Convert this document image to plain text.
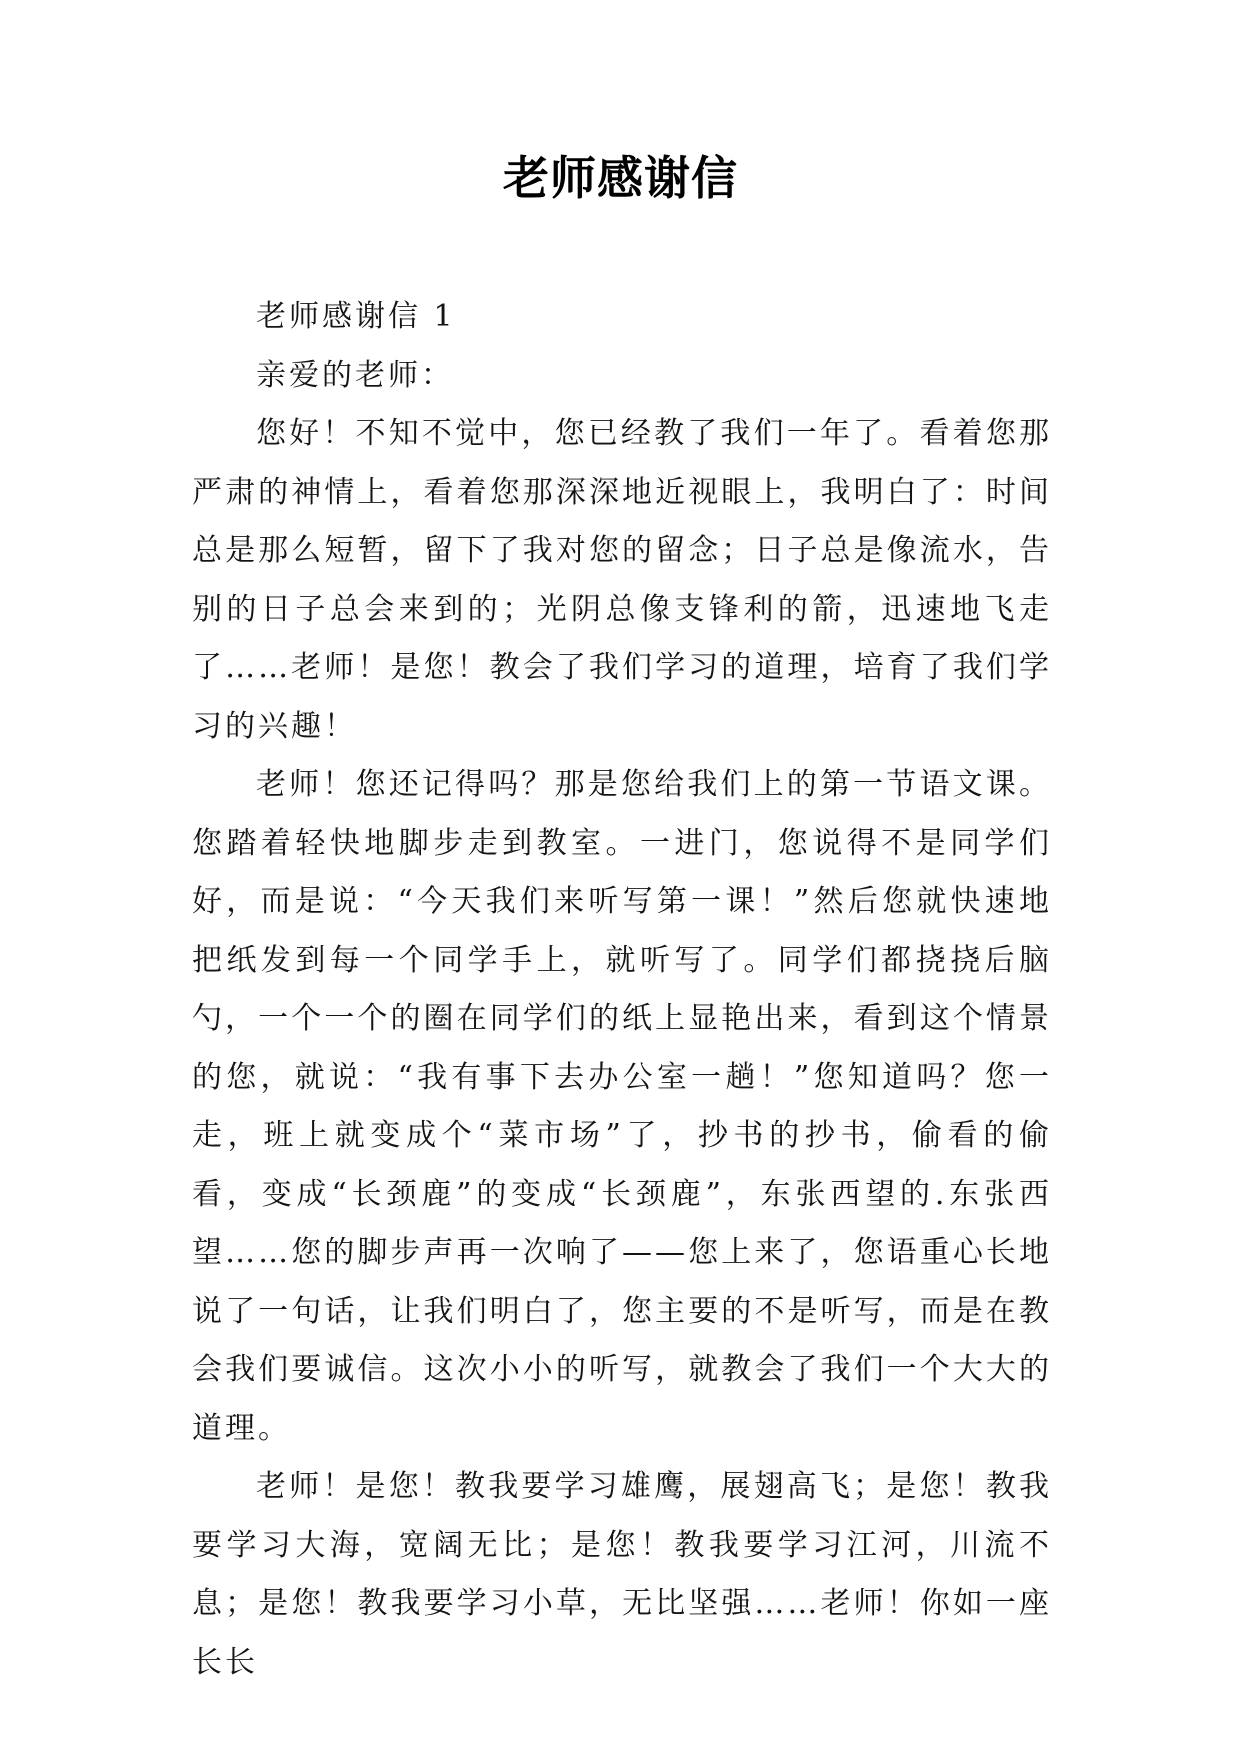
老师感谢信

老师感谢信 1

亲爱的老师：

您好！不知不觉中，您已经教了我们一年了。看着您那严肃的神情上，看着您那深深地近视眼上，我明白了：时间总是那么短暂，留下了我对您的留念；日子总是像流水，告别的日子总会来到的；光阴总像支锋利的箭，迅速地飞走了……老师！是您！教会了我们学习的道理，培育了我们学习的兴趣！

老师！您还记得吗？那是您给我们上的第一节语文课。您踏着轻快地脚步走到教室。一进门，您说得不是同学们好，而是说：“今天我们来听写第一课！”然后您就快速地把纸发到每一个同学手上，就听写了。同学们都挠挠后脑勺，一个一个的圈在同学们的纸上显艳出来，看到这个情景的您，就说：“我有事下去办公室一趟！”您知道吗？您一走，班上就变成个“菜市场”了，抄书的抄书，偷看的偷看，变成“长颈鹿”的变成“长颈鹿”，东张西望的.东张西望……您的脚步声再一次响了——您上来了，您语重心长地说了一句话，让我们明白了，您主要的不是听写，而是在教会我们要诚信。这次小小的听写，就教会了我们一个大大的道理。

老师！是您！教我要学习雄鹰，展翅高飞；是您！教我要学习大海，宽阔无比；是您！教我要学习江河，川流不息；是您！教我要学习小草，无比坚强……老师！你如一座长长
